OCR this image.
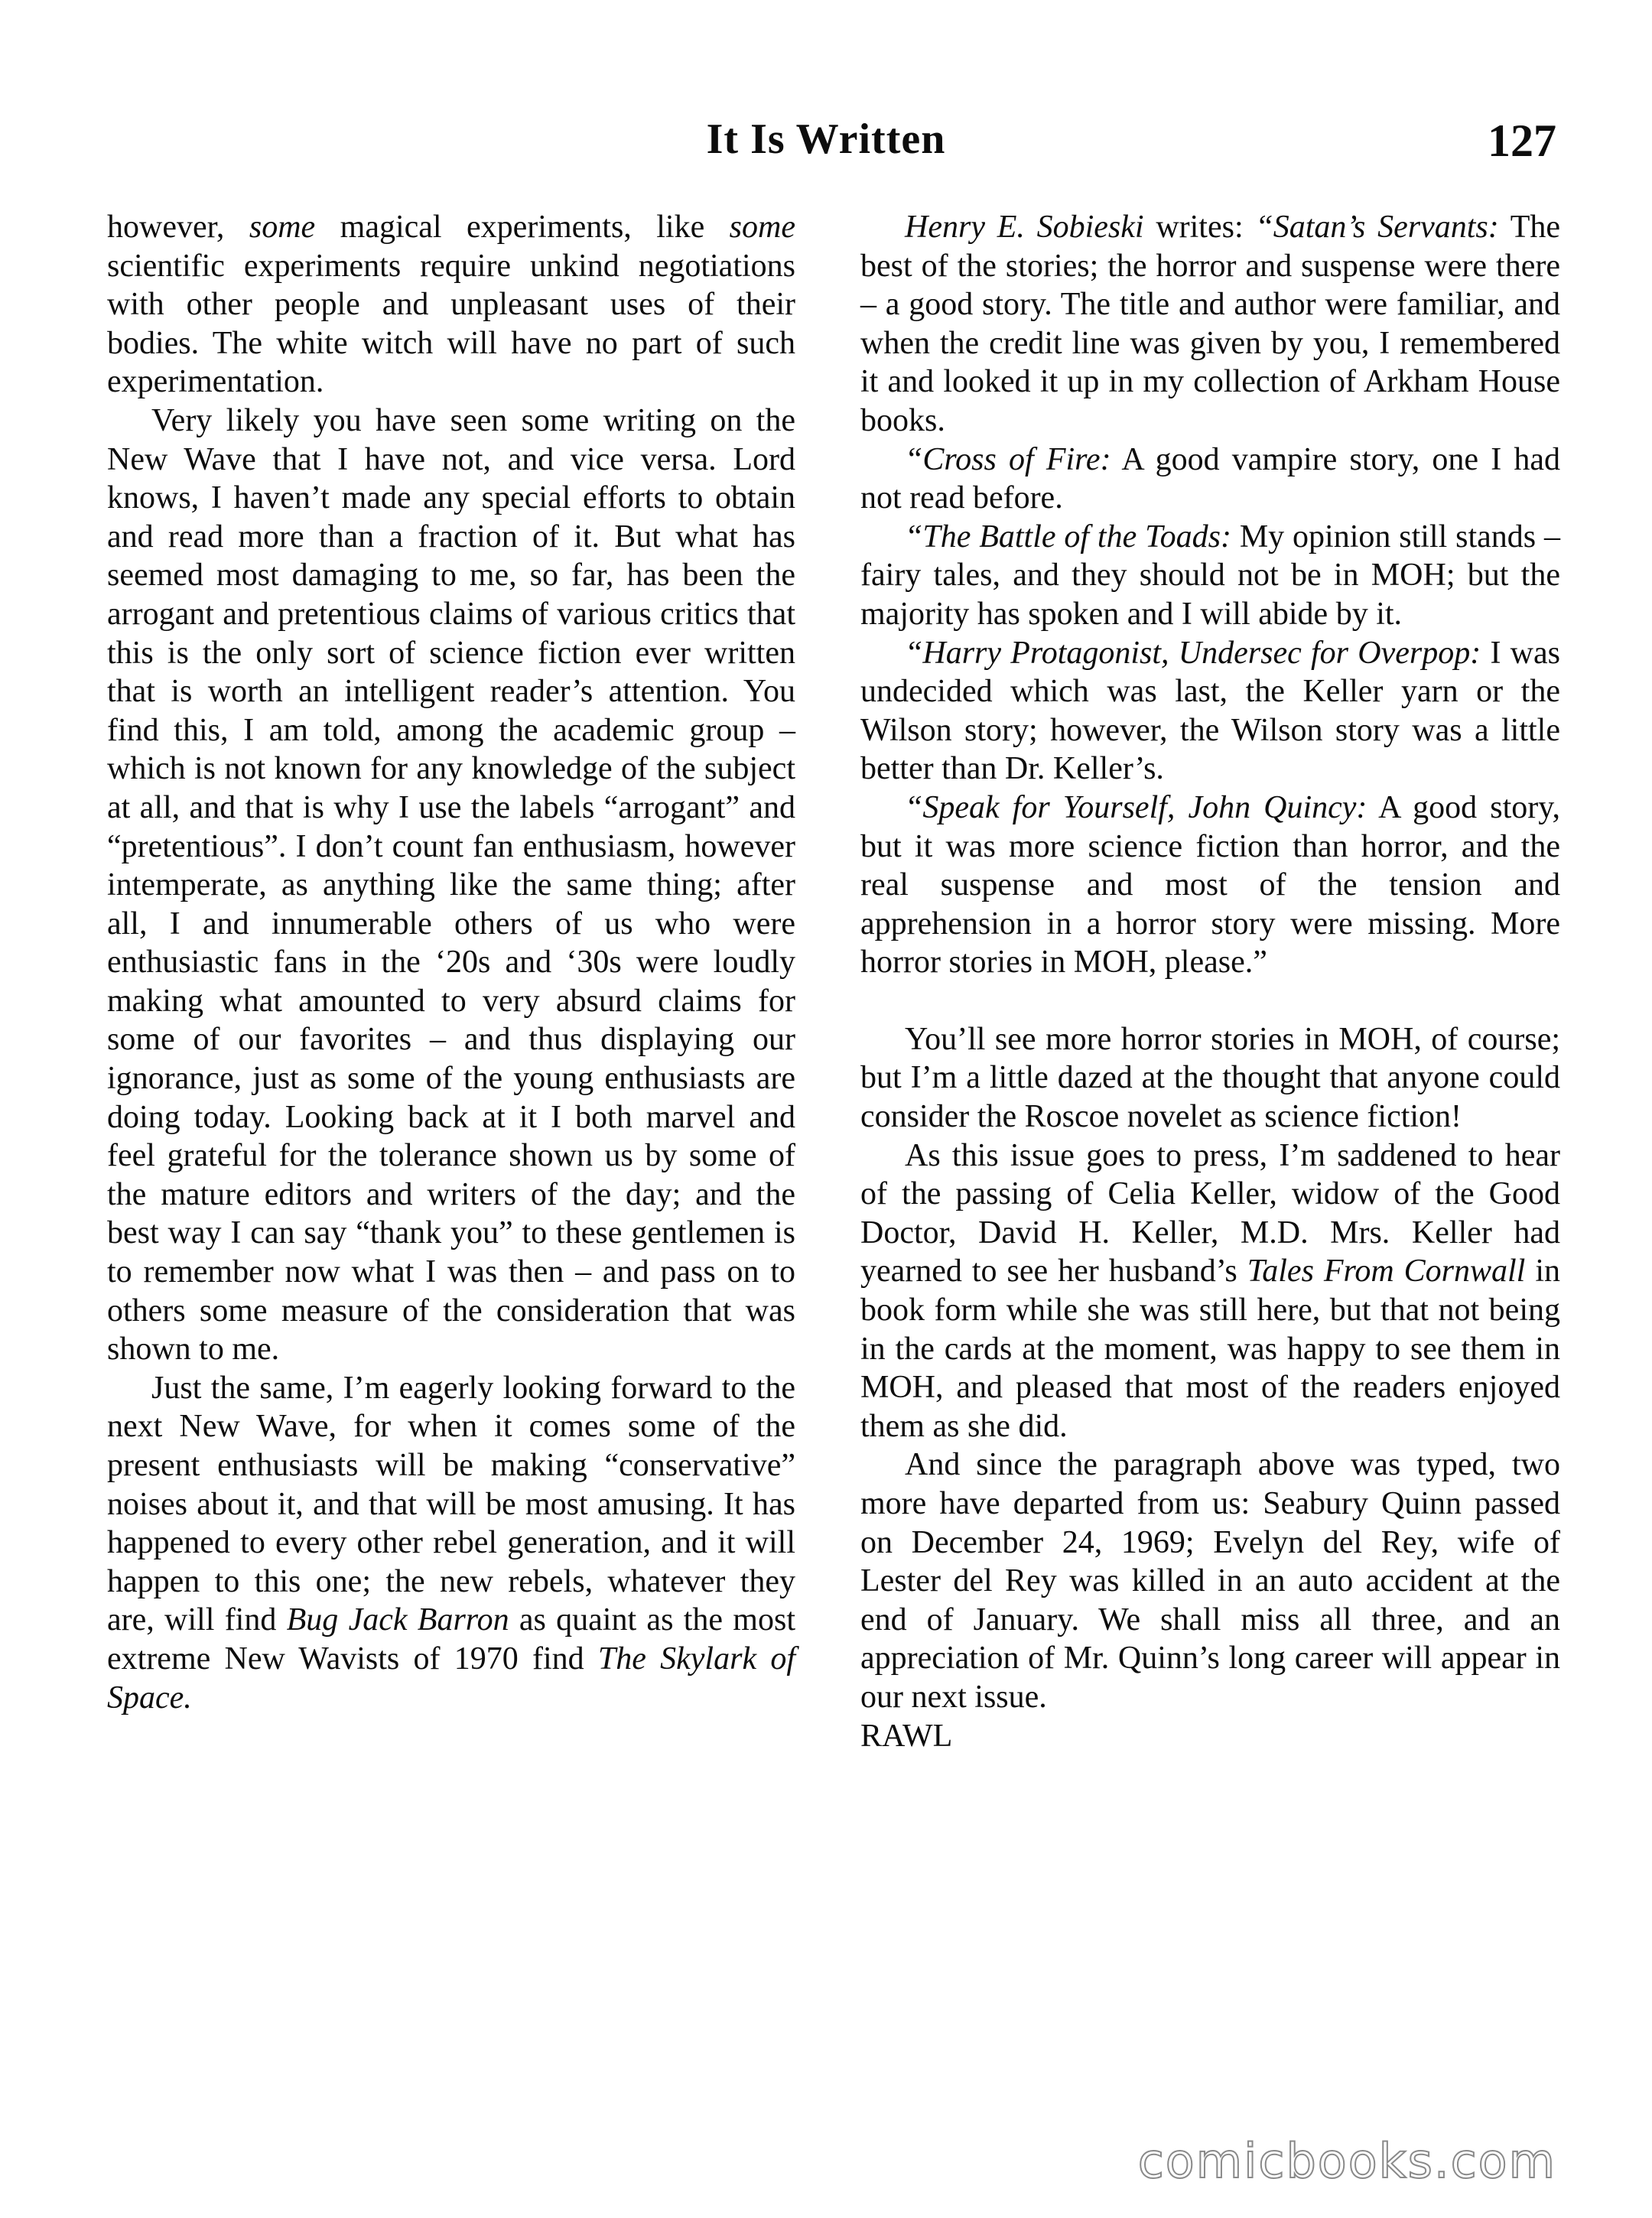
It Is Written	127

however, some magical experiments, like some scientific experiments require unkind negotiations with other people and unpleasant uses of their bodies. The white witch will have no part of such experimentation.

Very likely you have seen some writing on the New Wave that I have not, and vice versa. Lord knows, I haven’t made any special efforts to obtain and read more than a fraction of it. But what has seemed most damaging to me, so far, has been the arrogant and pretentious claims of various critics that this is the only sort of science fiction ever written that is worth an intelligent reader’s attention. You find this, I am told, among the academic group – which is not known for any knowledge of the subject at all, and that is why I use the labels “arrogant” and “pretentious”. I don’t count fan enthusiasm, however intemperate, as anything like the same thing; after all, I and innumerable others of us who were enthusiastic fans in the ‘20s and ‘30s were loudly making what amounted to very absurd claims for some of our favorites – and thus displaying our ignorance, just as some of the young enthusiasts are doing today. Looking back at it I both marvel and feel grateful for the tolerance shown us by some of the mature editors and writers of the day; and the best way I can say “thank you” to these gentlemen is to remember now what I was then – and pass on to others some measure of the consideration that was shown to me.

Just the same, I’m eagerly looking forward to the next New Wave, for when it comes some of the present enthusiasts will be making “conservative” noises about it, and that will be most amusing. It has happened to every other rebel generation, and it will happen to this one; the new rebels, whatever they are, will find Bug Jack Barron as quaint as the most extreme New Wavists of 1970 find The Skylark of Space.

Henry E. Sobieski writes: “Satan’s Servants: The best of the stories; the horror and suspense were there – a good story. The title and author were familiar, and when the credit line was given by you, I remembered it and looked it up in my collection of Arkham House books.

“Cross of Fire: A good vampire story, one I had not read before.

“The Battle of the Toads: My opinion still stands – fairy tales, and they should not be in MOH; but the majority has spoken and I will abide by it.

“Harry Protagonist, Undersec for Overpop: I was undecided which was last, the Keller yarn or the Wilson story; however, the Wilson story was a little better than Dr. Keller’s.

“Speak for Yourself, John Quincy: A good story, but it was more science fiction than horror, and the real suspense and most of the tension and apprehension in a horror story were missing. More horror stories in MOH, please.”

You’ll see more horror stories in MOH, of course; but I’m a little dazed at the thought that anyone could consider the Roscoe novelet as science fiction!

As this issue goes to press, I’m saddened to hear of the passing of Celia Keller, widow of the Good Doctor, David H. Keller, M.D. Mrs. Keller had yearned to see her husband’s Tales From Cornwall in book form while she was still here, but that not being in the cards at the moment, was happy to see them in MOH, and pleased that most of the readers enjoyed them as she did.

And since the paragraph above was typed, two more have departed from us: Seabury Quinn passed on December 24, 1969; Evelyn del Rey, wife of Lester del Rey was killed in an auto accident at the end of January. We shall miss all three, and an appreciation of Mr. Quinn’s long career will appear in our next issue.

RAWL

comicbooks.com
